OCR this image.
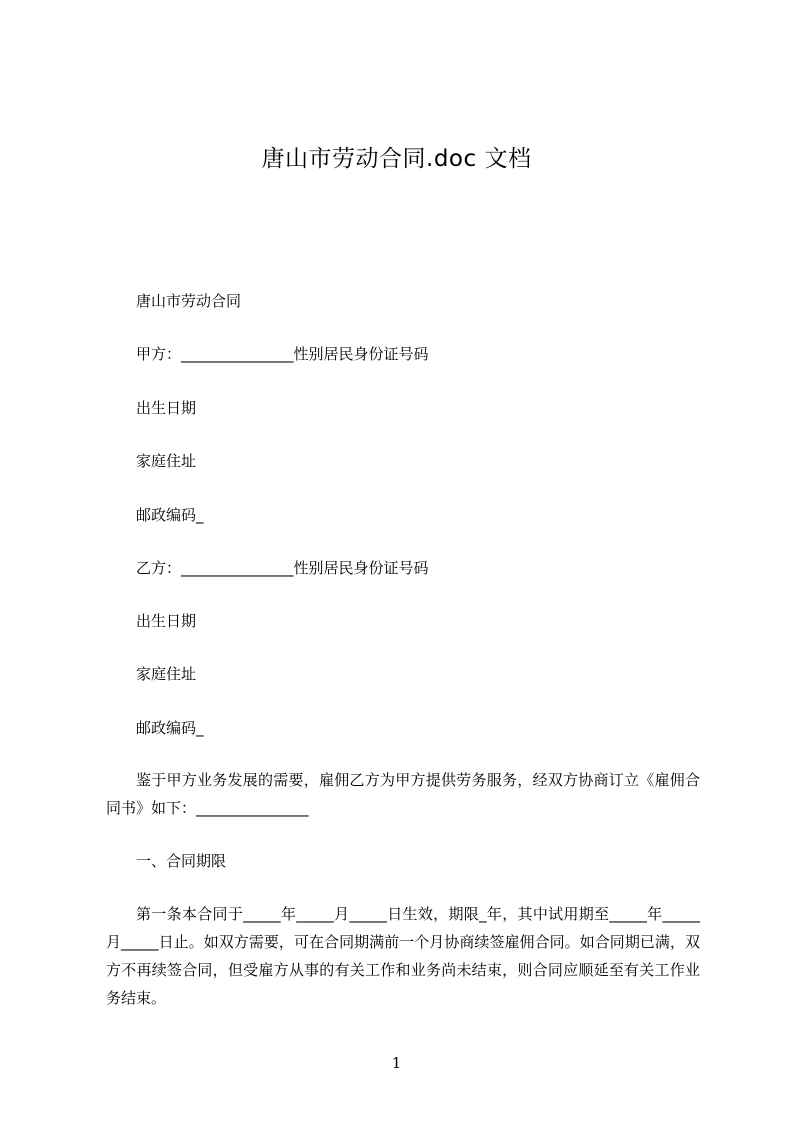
唐山市劳动合同.doc 文档
唐山市劳动合同
甲方：_______________性别居民身份证号码
出生日期
家庭住址
邮政编码_
乙方：_______________性别居民身份证号码
出生日期
家庭住址
邮政编码_
鉴于甲方业务发展的需要，雇佣乙方为甲方提供劳务服务，经双方协商订立《雇佣合同书》如下：_______________
一、合同期限
第一条本合同于_____年_____月_____日生效，期限_年，其中试用期至_____年_____月_____日止。如双方需要，可在合同期满前一个月协商续签雇佣合同。如合同期已满，双方不再续签合同，但受雇方从事的有关工作和业务尚未结束，则合同应顺延至有关工作业务结束。
1
